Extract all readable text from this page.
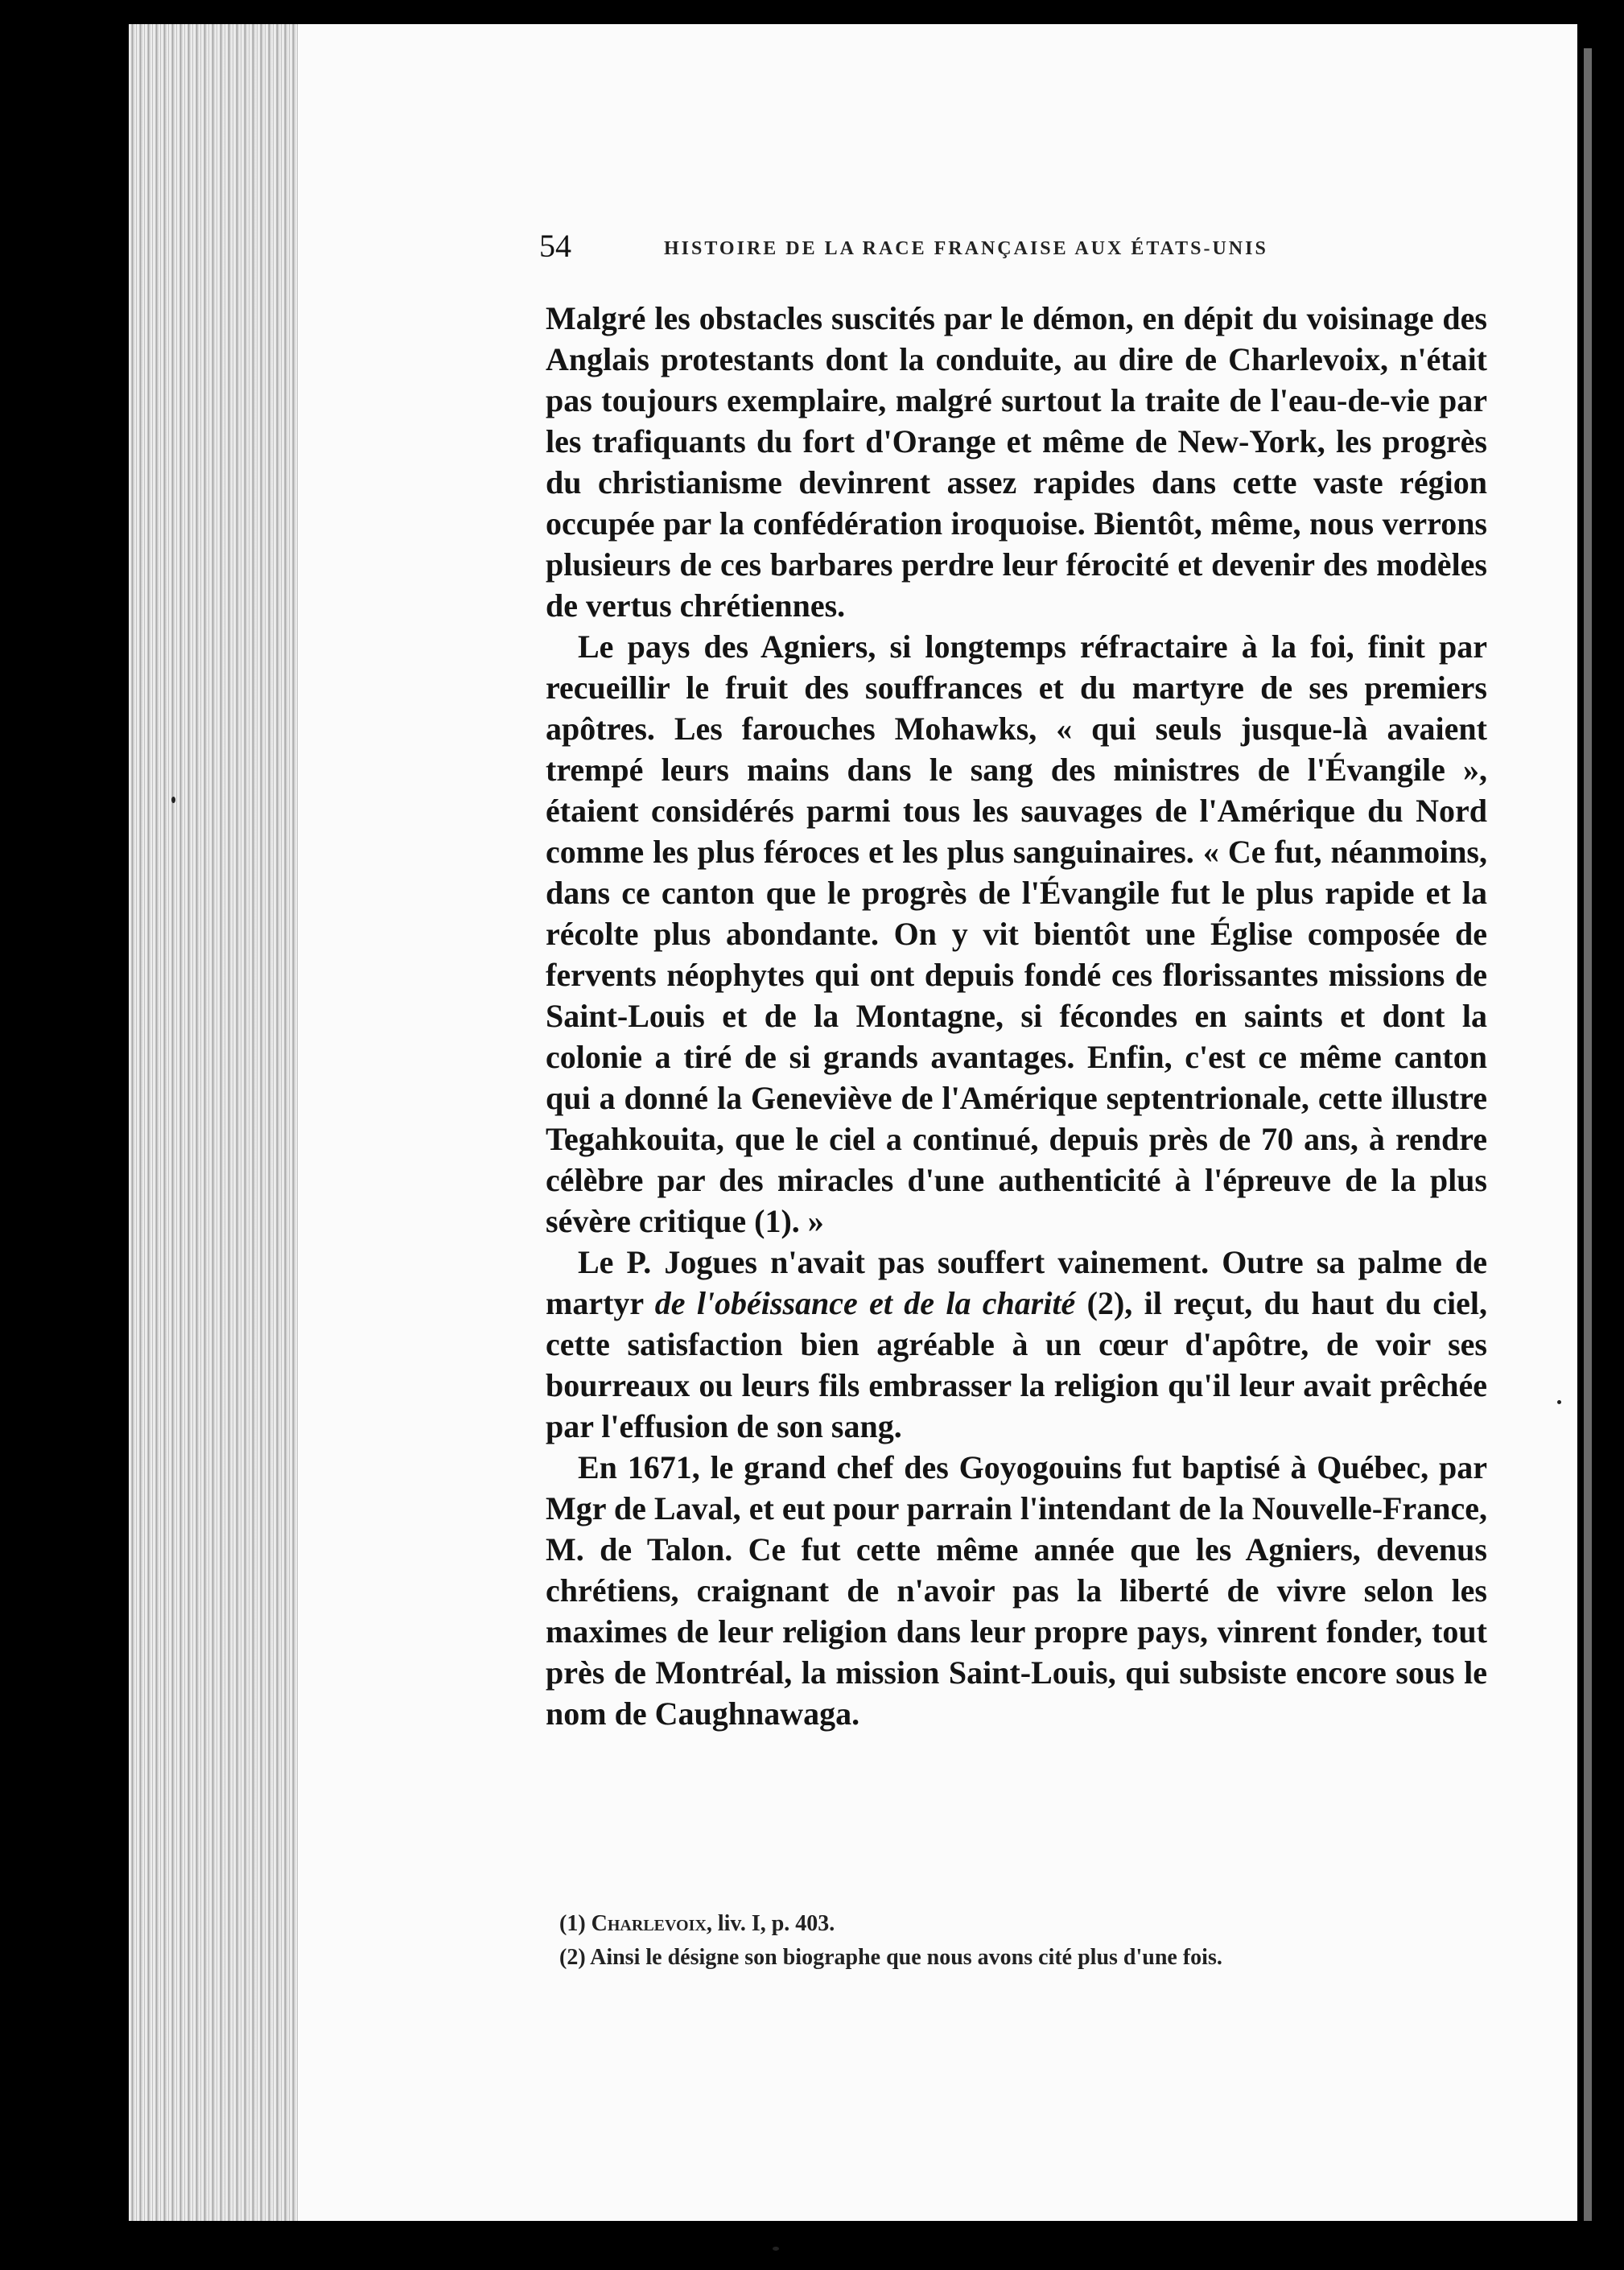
54	HISTOIRE DE LA RACE FRANÇAISE AUX ÉTATS-UNIS

Malgré les obstacles suscités par le démon, en dépit du voisinage des Anglais protestants dont la conduite, au dire de Charlevoix, n'était pas toujours exemplaire, malgré surtout la traite de l'eau-de-vie par les trafiquants du fort d'Orange et même de New-York, les progrès du christianisme devinrent assez rapides dans cette vaste région occupée par la confédération iroquoise. Bientôt, même, nous verrons plusieurs de ces barbares perdre leur férocité et devenir des modèles de vertus chrétiennes.

Le pays des Agniers, si longtemps réfractaire à la foi, finit par recueillir le fruit des souffrances et du martyre de ses premiers apôtres. Les farouches Mohawks, « qui seuls jusque-là avaient trempé leurs mains dans le sang des ministres de l'Évangile », étaient considérés parmi tous les sauvages de l'Amérique du Nord comme les plus féroces et les plus sanguinaires. « Ce fut, néanmoins, dans ce canton que le progrès de l'Évangile fut le plus rapide et la récolte plus abondante. On y vit bientôt une Église composée de fervents néophytes qui ont depuis fondé ces florissantes missions de Saint-Louis et de la Montagne, si fécondes en saints et dont la colonie a tiré de si grands avantages. Enfin, c'est ce même canton qui a donné la Geneviève de l'Amérique septentrionale, cette illustre Tegahkouita, que le ciel a continué, depuis près de 70 ans, à rendre célèbre par des miracles d'une authenticité à l'épreuve de la plus sévère critique (1). »

Le P. Jogues n'avait pas souffert vainement. Outre sa palme de martyr de l'obéissance et de la charité (2), il reçut, du haut du ciel, cette satisfaction bien agréable à un cœur d'apôtre, de voir ses bourreaux ou leurs fils embrasser la religion qu'il leur avait prêchée par l'effusion de son sang.

En 1671, le grand chef des Goyogouins fut baptisé à Québec, par Mgr de Laval, et eut pour parrain l'intendant de la Nouvelle-France, M. de Talon. Ce fut cette même année que les Agniers, devenus chrétiens, craignant de n'avoir pas la liberté de vivre selon les maximes de leur religion dans leur propre pays, vinrent fonder, tout près de Montréal, la mission Saint-Louis, qui subsiste encore sous le nom de Caughnawaga.

(1) Charlevoix, liv. I, p. 403.

(2) Ainsi le désigne son biographe que nous avons cité plus d'une fois.
